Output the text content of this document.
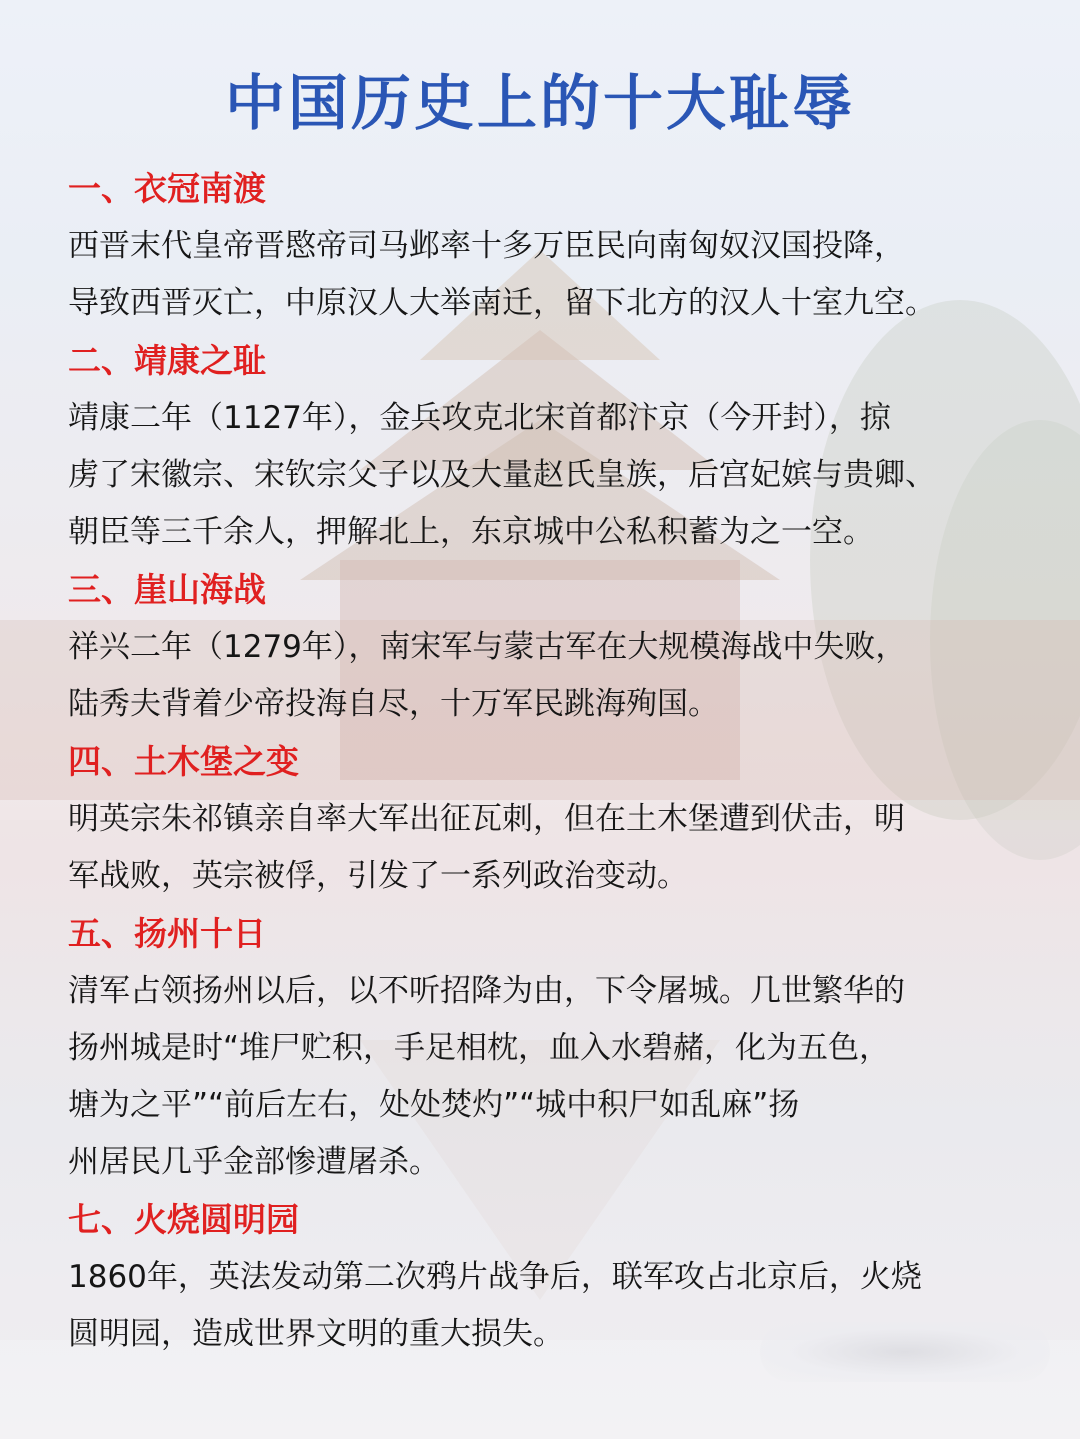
中国历史上的十大耻辱
一、衣冠南渡
西晋末代皇帝晋愍帝司马邺率十多万臣民向南匈奴汉国投降，
导致西晋灭亡，中原汉人大举南迁，留下北方的汉人十室九空。
二、靖康之耻
靖康二年（1127年），金兵攻克北宋首都汴京（今开封），掠
虏了宋徽宗、宋钦宗父子以及大量赵氏皇族，后宫妃嫔与贵卿、
朝臣等三千余人，押解北上，东京城中公私积蓄为之一空。
三、崖山海战
祥兴二年（1279年），南宋军与蒙古军在大规模海战中失败，
陆秀夫背着少帝投海自尽，十万军民跳海殉国。
四、土木堡之变
明英宗朱祁镇亲自率大军出征瓦刺，但在土木堡遭到伏击，明
军战败，英宗被俘，引发了一系列政治变动。
五、扬州十日
清军占领扬州以后，以不听招降为由，下令屠城。几世繁华的
扬州城是时“堆尸贮积，手足相枕，血入水碧赭，化为五色，
塘为之平”“前后左右，处处焚灼”“城中积尸如乱麻”扬
州居民几乎金部惨遭屠杀。
七、火烧圆明园
1860年，英法发动第二次鸦片战争后，联军攻占北京后，火烧
圆明园，造成世界文明的重大损失。
